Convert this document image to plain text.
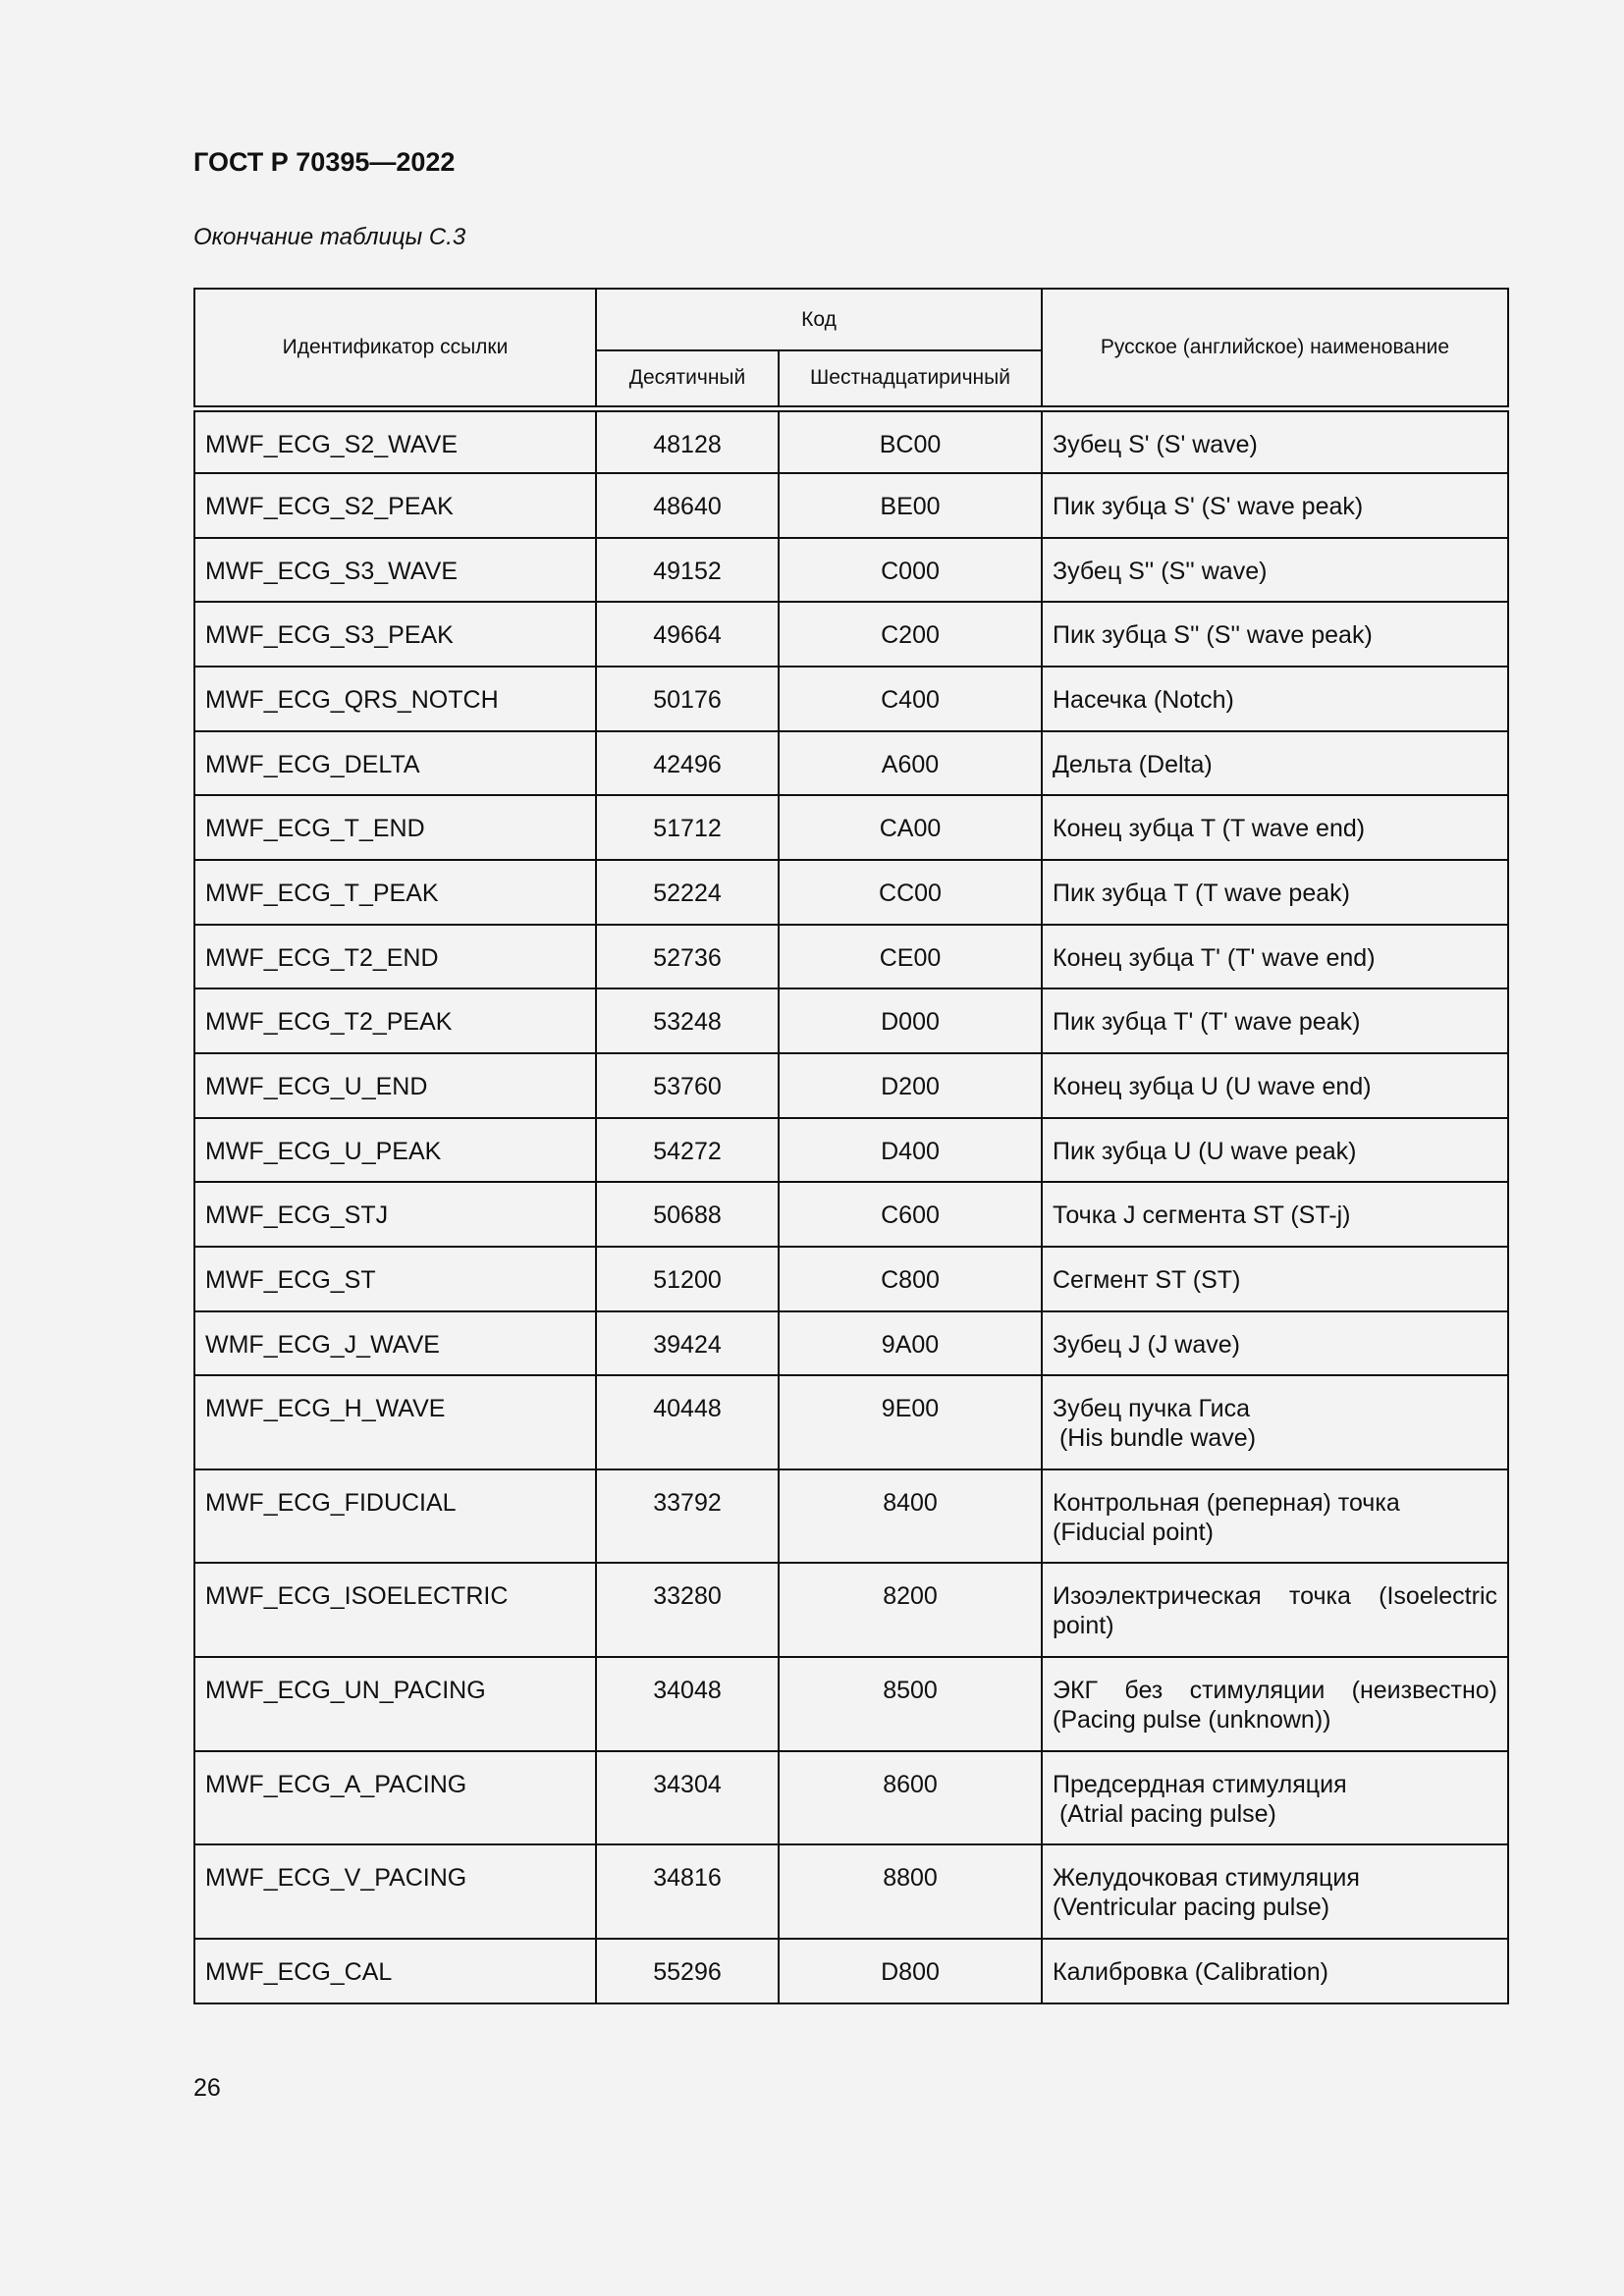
ГОСТ Р 70395—2022

Окончание таблицы С.3

Идентификатор ссылки	Код		Русское (английское) наименование
	Десятичный	Шестнадцатиричный	
MWF_ECG_S2_WAVE	48128	BC00	Зубец S' (S' wave)
MWF_ECG_S2_PEAK	48640	BE00	Пик зубца S' (S' wave peak)
MWF_ECG_S3_WAVE	49152	C000	Зубец S'' (S'' wave)
MWF_ECG_S3_PEAK	49664	C200	Пик зубца S'' (S'' wave peak)
MWF_ECG_QRS_NOTCH	50176	C400	Насечка (Notch)
MWF_ECG_DELTA	42496	A600	Дельта (Delta)
MWF_ECG_T_END	51712	CA00	Конец зубца T (T wave end)
MWF_ECG_T_PEAK	52224	CC00	Пик зубца T (T wave peak)
MWF_ECG_T2_END	52736	CE00	Конец зубца T' (T' wave end)
MWF_ECG_T2_PEAK	53248	D000	Пик зубца T' (T' wave peak)
MWF_ECG_U_END	53760	D200	Конец зубца U (U wave end)
MWF_ECG_U_PEAK	54272	D400	Пик зубца U (U wave peak)
MWF_ECG_STJ	50688	C600	Точка J сегмента ST (ST-j)
MWF_ECG_ST	51200	C800	Сегмент ST (ST)
WMF_ECG_J_WAVE	39424	9A00	Зубец J (J wave)
MWF_ECG_H_WAVE	40448	9E00	Зубец пучка Гиса
(His bundle wave)
MWF_ECG_FIDUCIAL	33792	8400	Контрольная (реперная) точка
(Fiducial point)
MWF_ECG_ISOELECTRIC	33280	8200	Изоэлектрическая точка (Isoelectric point)
MWF_ECG_UN_PACING	34048	8500	ЭКГ без стимуляции (неизвестно) (Pacing pulse (unknown))
MWF_ECG_A_PACING	34304	8600	Предсердная стимуляция
(Atrial pacing pulse)
MWF_ECG_V_PACING	34816	8800	Желудочковая стимуляция
(Ventricular pacing pulse)
MWF_ECG_CAL	55296	D800	Калибровка (Calibration)

26
